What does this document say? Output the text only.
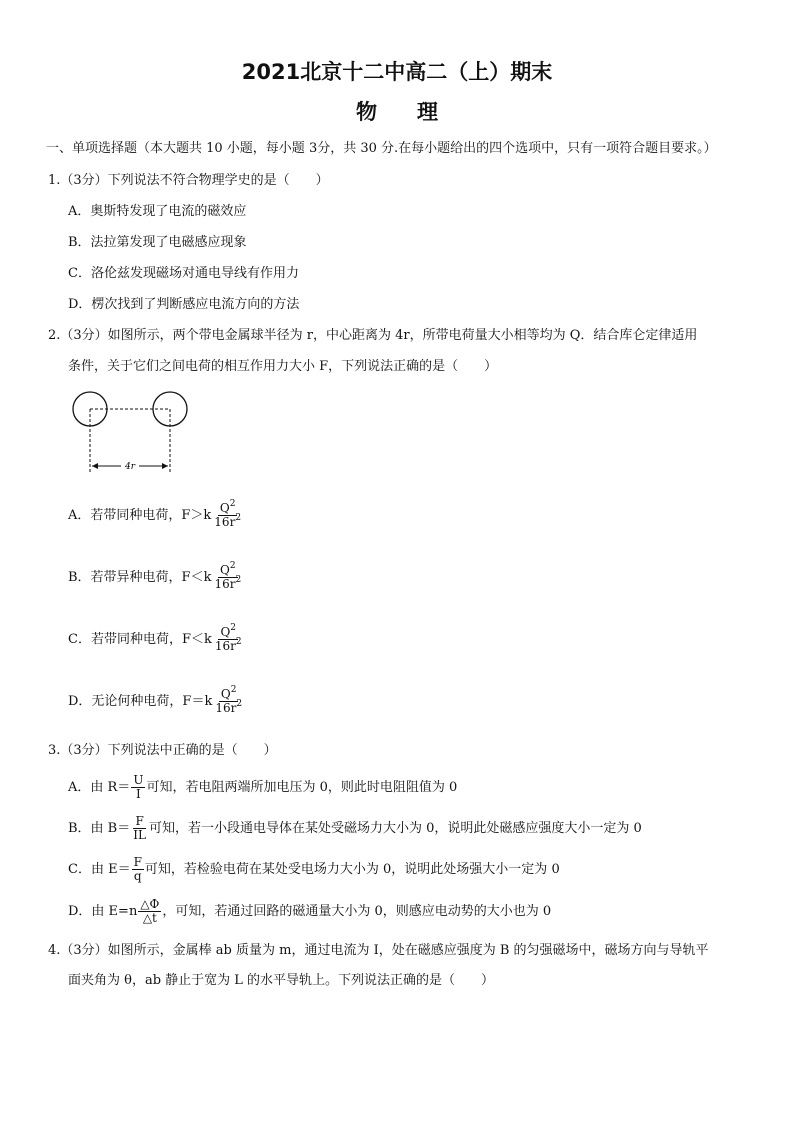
2021北京十二中高二（上）期末
物理
一、单项选择题（本大题共 10 小题，每小题 3分，共 30 分.在每小题给出的四个选项中，只有一项符合题目要求。）
1.（3分）下列说法不符合物理学史的是（　　）
A．奥斯特发现了电流的磁效应
B．法拉第发现了电磁感应现象
C．洛伦兹发现磁场对通电导线有作用力
D．楞次找到了判断感应电流方向的方法
2.（3分）如图所示，两个带电金属球半径为 r，中心距离为 4r，所带电荷量大小相等均为 Q．结合库仑定律适用
条件，关于它们之间电荷的相互作用力大小 F，下列说法正确的是（　　）
4r
A．若带同种电荷，$F>k \frac{Q^2}{16r^2}$
B．若带异种电荷，$F<k \frac{Q^2}{16r^2}$
C．若带同种电荷，$F<k \frac{Q^2}{16r^2}$
D．无论何种电荷，$F=k \frac{Q^2}{16r^2}$
3.（3分）下列说法中正确的是（　　）
A．由 $R= \frac{U}{I}$ 可知，若电阻两端所加电压为 0，则此时电阻阻值为 0
B．由 $B= \frac{F}{IL}$ 可知，若一小段通电导体在某处受磁场力大小为 0，说明此处磁感应强度大小一定为 0
C．由 $E= \frac{F}{q}$ 可知，若检验电荷在某处受电场力大小为 0，说明此处场强大小一定为 0
D．由 $E=n \frac{\triangle\Phi}{\triangle t}$ ，可知，若通过回路的磁通量大小为 0，则感应电动势的大小也为 0
4.（3分）如图所示，金属棒 ab 质量为 m，通过电流为 I，处在磁感应强度为 B 的匀强磁场中，磁场方向与导轨平
面夹角为 θ，ab 静止于宽为 L 的水平导轨上。下列说法正确的是（　　）
